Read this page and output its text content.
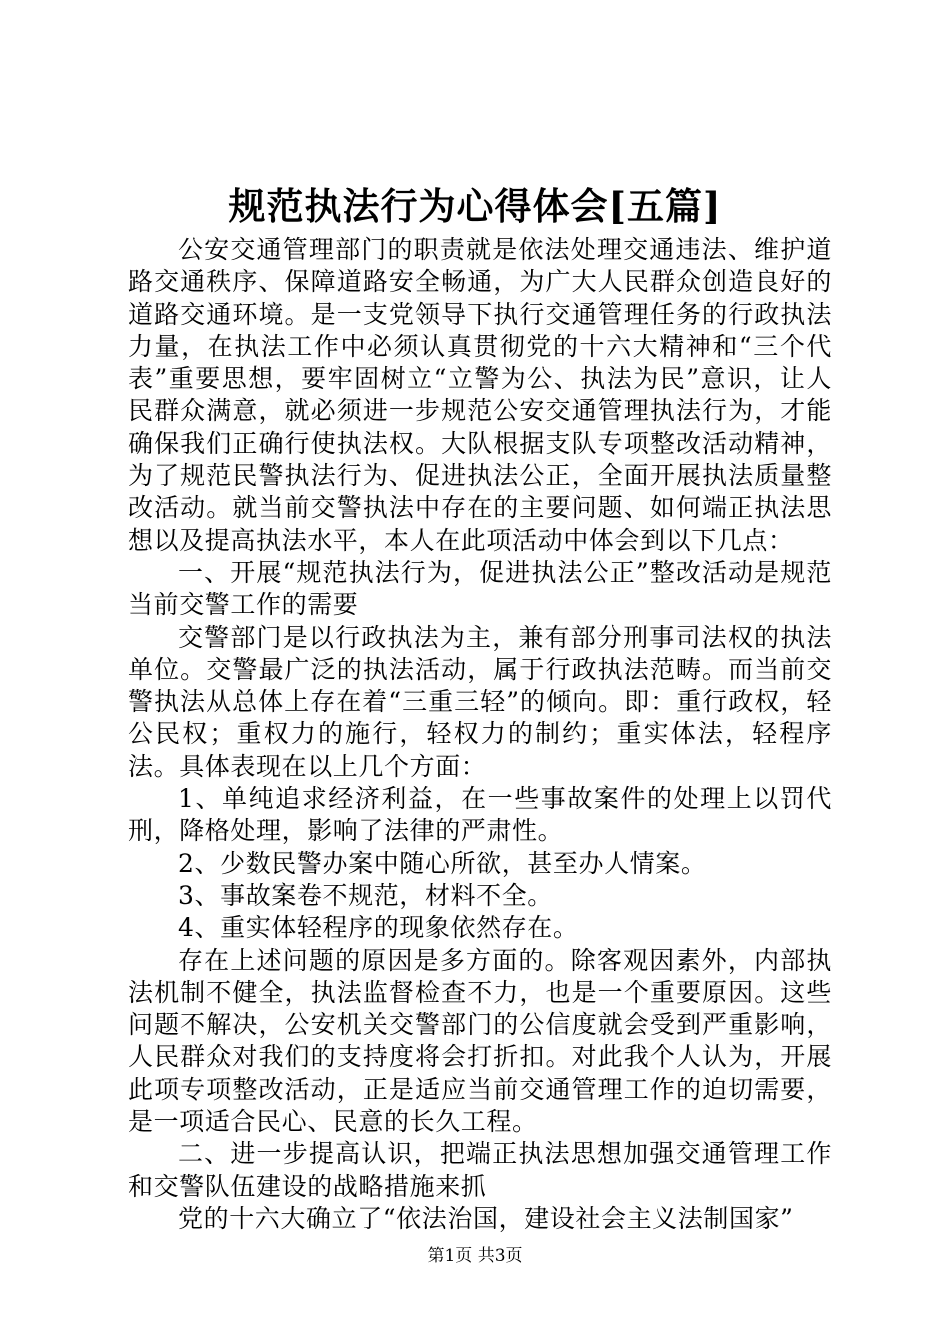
规范执法行为心得体会[五篇]

公安交通管理部门的职责就是依法处理交通违法、维护道路交通秩序、保障道路安全畅通，为广大人民群众创造良好的道路交通环境。是一支党领导下执行交通管理任务的行政执法力量，在执法工作中必须认真贯彻党的十六大精神和“三个代表”重要思想，要牢固树立“立警为公、执法为民”意识，让人民群众满意，就必须进一步规范公安交通管理执法行为，才能确保我们正确行使执法权。大队根据支队专项整改活动精神，为了规范民警执法行为、促进执法公正，全面开展执法质量整改活动。就当前交警执法中存在的主要问题、如何端正执法思想以及提高执法水平，本人在此项活动中体会到以下几点：

一、开展“规范执法行为，促进执法公正”整改活动是规范当前交警工作的需要

交警部门是以行政执法为主，兼有部分刑事司法权的执法单位。交警最广泛的执法活动，属于行政执法范畴。而当前交警执法从总体上存在着“三重三轻”的倾向。即：重行政权，轻公民权；重权力的施行，轻权力的制约；重实体法，轻程序法。具体表现在以上几个方面：

1、单纯追求经济利益，在一些事故案件的处理上以罚代刑，降格处理，影响了法律的严肃性。

2、少数民警办案中随心所欲，甚至办人情案。

3、事故案卷不规范，材料不全。

4、重实体轻程序的现象依然存在。

存在上述问题的原因是多方面的。除客观因素外，内部执法机制不健全，执法监督检查不力，也是一个重要原因。这些问题不解决，公安机关交警部门的公信度就会受到严重影响，人民群众对我们的支持度将会打折扣。对此我个人认为，开展此项专项整改活动，正是适应当前交通管理工作的迫切需要，是一项适合民心、民意的长久工程。

二、进一步提高认识，把端正执法思想加强交通管理工作和交警队伍建设的战略措施来抓

党的十六大确立了“依法治国，建设社会主义法制国家”

第1页 共3页
